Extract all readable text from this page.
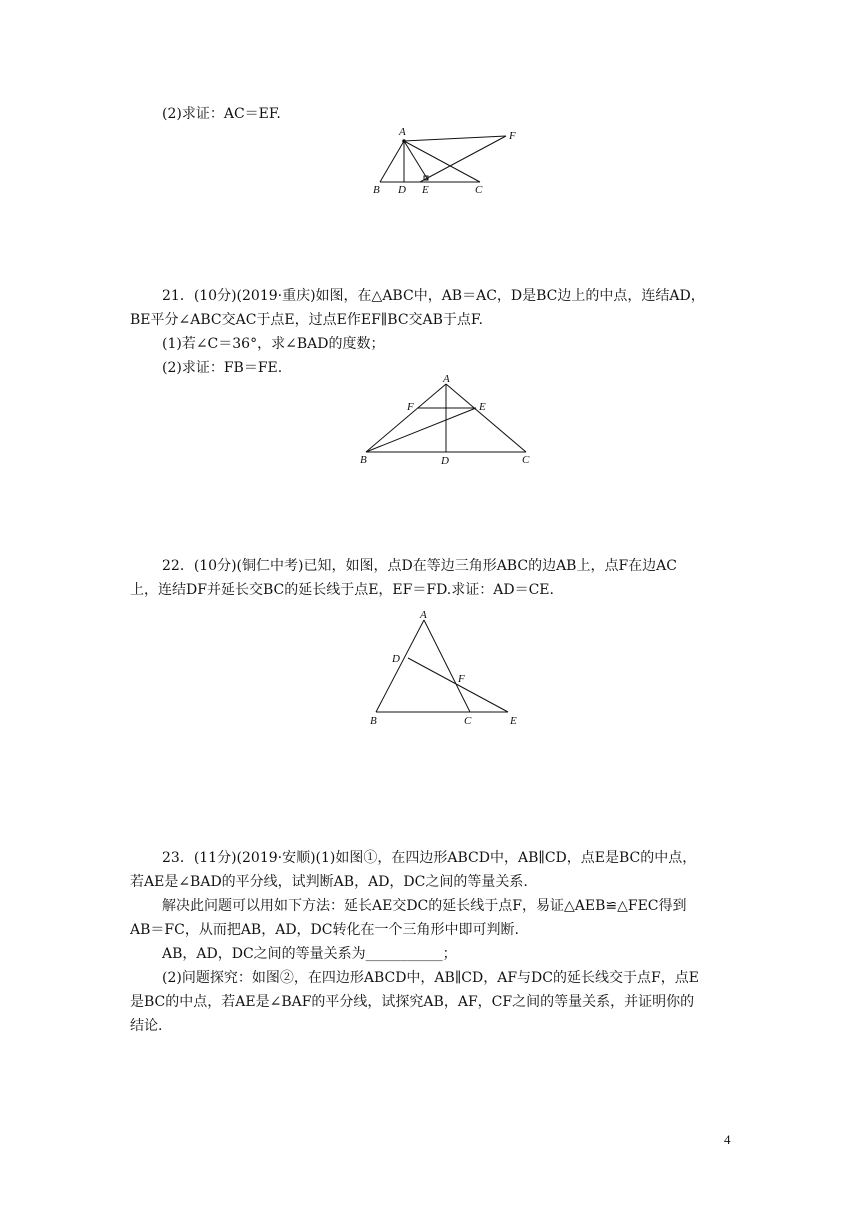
(2)求证：AC＝EF.
A	F
B D E	C
21．(10分)(2019·重庆)如图，在△ABC中，AB＝AC，D是BC边上的中点，连结AD，
BE平分∠ABC交AC于点E，过点E作EF∥BC交AB于点F.
(1)若∠C＝36°，求∠BAD的度数；
(2)求证：FB＝FE.
A
F	E
B	D	C
22．(10分)(铜仁中考)已知，如图，点D在等边三角形ABC的边AB上，点F在边AC
上，连结DF并延长交BC的延长线于点E，EF＝FD.求证：AD＝CE.
A
D
F
B	C	E
23．(11分)(2019·安顺)(1)如图①，在四边形ABCD中，AB∥CD，点E是BC的中点，
若AE是∠BAD的平分线，试判断AB，AD，DC之间的等量关系.
解决此问题可以用如下方法：延长AE交DC的延长线于点F，易证△AEB≌△FEC得到
AB＝FC，从而把AB，AD，DC转化在一个三角形中即可判断.
AB，AD，DC之间的等量关系为___________；
(2)问题探究：如图②，在四边形ABCD中，AB∥CD，AF与DC的延长线交于点F，点E
是BC的中点，若AE是∠BAF的平分线，试探究AB，AF，CF之间的等量关系，并证明你的
结论.
4
